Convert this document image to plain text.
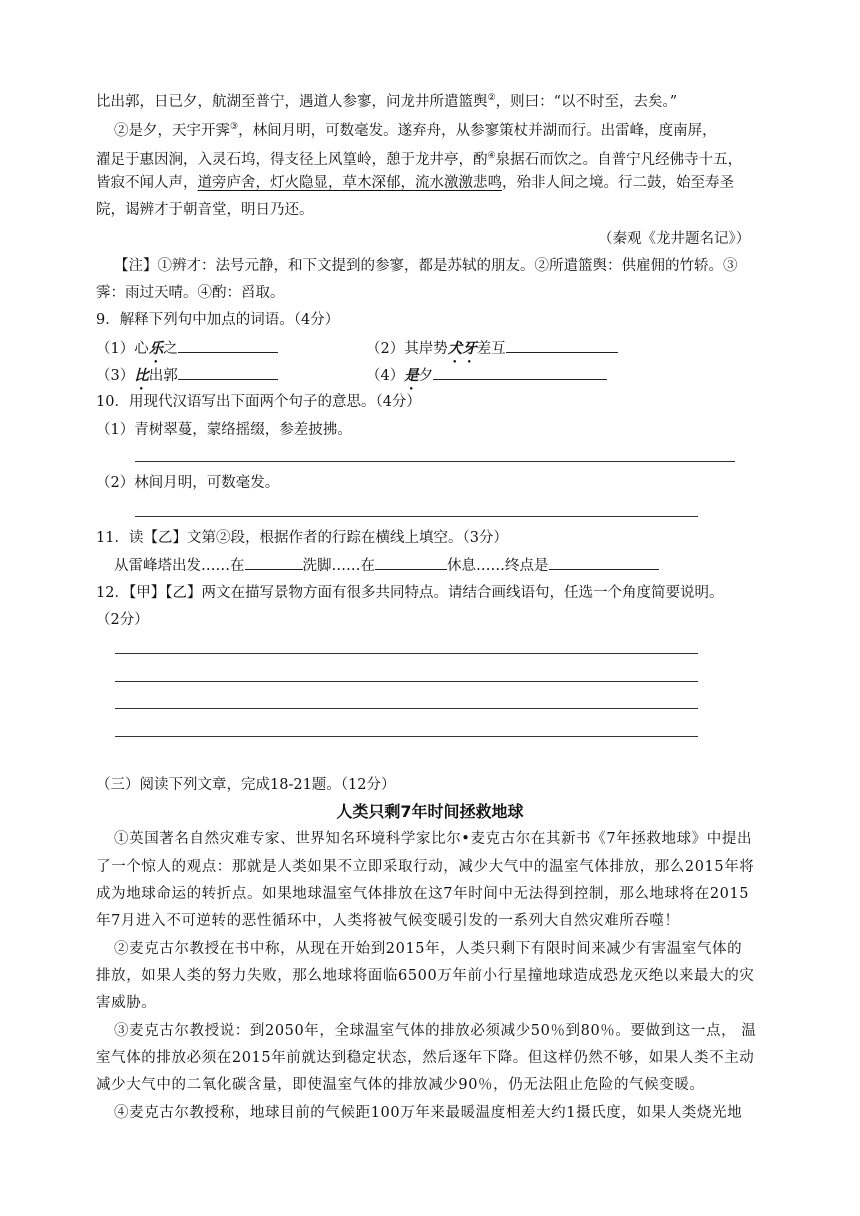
比出郭，日已夕，航湖至普宁，遇道人参寥，问龙井所遣篮舆②，则曰：“以不时至，去矣。”
②是夕，天宇开霁③，林间月明，可数毫发。遂弃舟，从参寥策杖并湖而行。出雷峰，度南屏，
濯足于惠因涧，入灵石坞，得支径上风篁岭，憩于龙井亭，酌④泉据石而饮之。自普宁凡经佛寺十五，
皆寂不闻人声，道旁庐舍，灯火隐显，草木深郁，流水激激悲鸣，殆非人间之境。行二鼓，始至寿圣
院，谒辨才于朝音堂，明日乃还。
（秦观《龙井题名记》）
【注】①辨才：法号元静，和下文提到的参寥，都是苏轼的朋友。②所遣篮舆：供雇佣的竹轿。③
霁：雨过天晴。④酌：舀取。
9．解释下列句中加点的词语。（4分）
（1）心乐之	（2）其岸势犬牙差互
（3）比出郭	（4）是夕
10．用现代汉语写出下面两个句子的意思。（4分）
（1）青树翠蔓，蒙络摇缀，参差披拂。
（2）林间月明，可数毫发。
11．读【乙】文第②段，根据作者的行踪在横线上填空。（3分）
从雷峰塔出发……在	洗脚……在	休息……终点是
12．【甲】【乙】两文在描写景物方面有很多共同特点。请结合画线语句，任选一个角度简要说明。
（2分）
（三）阅读下列文章，完成18-21题。（12分）
人类只剩7年时间拯救地球
①英国著名自然灾难专家、世界知名环境科学家比尔•麦克古尔在其新书《7年拯救地球》中提出
了一个惊人的观点：那就是人类如果不立即采取行动，减少大气中的温室气体排放，那么2015年将
成为地球命运的转折点。如果地球温室气体排放在这7年时间中无法得到控制，那么地球将在2015
年7月进入不可逆转的恶性循环中，人类将被气候变暖引发的一系列大自然灾难所吞噬！
②麦克古尔教授在书中称，从现在开始到2015年，人类只剩下有限时间来减少有害温室气体的
排放，如果人类的努力失败，那么地球将面临6500万年前小行星撞地球造成恐龙灭绝以来最大的灾
害威胁。
③麦克古尔教授说：到2050年，全球温室气体的排放必须减少50％到80％。要做到这一点， 温
室气体的排放必须在2015年前就达到稳定状态，然后逐年下降。但这样仍然不够，如果人类不主动
减少大气中的二氧化碳含量，即使温室气体的排放减少90％，仍无法阻止危险的气候变暖。
④麦克古尔教授称，地球目前的气候距100万年来最暖温度相差大约1摄氏度，如果人类烧光地
